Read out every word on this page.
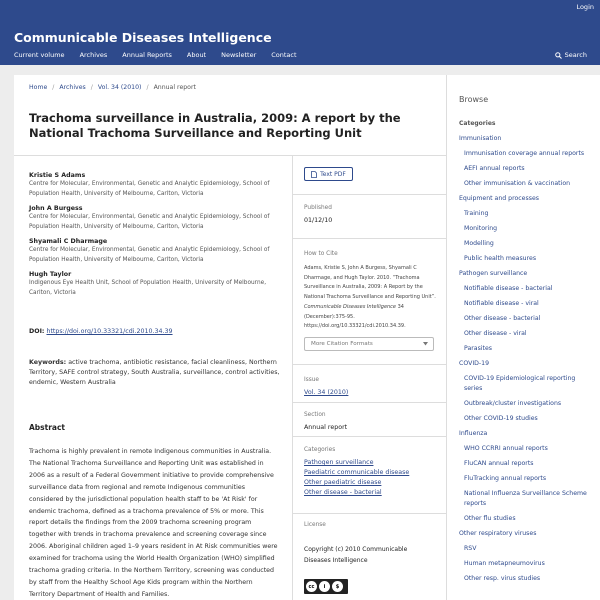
Login
Communicable Diseases Intelligence
Current volume Archives Annual Reports About Newsletter Contact	Search
Home / Archives / Vol. 34 (2010) / Annual report
Trachoma surveillance in Australia, 2009: A report by the National Trachoma Surveillance and Reporting Unit
Kristie S Adams
Centre for Molecular, Environmental, Genetic and Analytic Epidemiology, School of Population Health, University of Melbourne, Carlton, Victoria
John A Burgess
Centre for Molecular, Environmental, Genetic and Analytic Epidemiology, School of Population Health, University of Melbourne, Carlton, Victoria
Shyamali C Dharmage
Centre for Molecular, Environmental, Genetic and Analytic Epidemiology, School of Population Health, University of Melbourne, Carlton, Victoria
Hugh Taylor
Indigenous Eye Health Unit, School of Population Health, University of Melbourne, Carlton, Victoria
DOI: https://doi.org/10.33321/cdi.2010.34.39
Keywords: active trachoma, antibiotic resistance, facial cleanliness, Northern Territory, SAFE control strategy, South Australia, surveillance, control activities, endemic, Western Australia
Abstract
Trachoma is highly prevalent in remote Indigenous communities in Australia. The National Trachoma Surveillance and Reporting Unit was established in 2006 as a result of a Federal Government initiative to provide comprehensive surveillance data from regional and remote Indigenous communities considered by the jurisdictional population health staff to be 'At Risk' for endemic trachoma, defined as a trachoma prevalence of 5% or more. This report details the findings from the 2009 trachoma screening program together with trends in trachoma prevalence and screening coverage since 2006. Aboriginal children aged 1–9 years resident in At Risk communities were examined for trachoma using the World Health Organization (WHO) simplified trachoma grading criteria. In the Northern Territory, screening was conducted by staff from the Healthy School Age Kids program within the Northern Territory Department of Health and Families.
Text PDF
Published
01/12/10
How to Cite
Adams, Kristie S, John A Burgess, Shyamali C Dharmage, and Hugh Taylor. 2010. “Trachoma Surveillance in Australia, 2009: A Report by the National Trachoma Surveillance and Reporting Unit”. Communicable Diseases Intelligence 34 (December):375-95. https://doi.org/10.33321/cdi.2010.34.39.
More Citation Formats
Issue
Vol. 34 (2010)
Section
Annual report
Categories
Pathogen surveillance
Paediatric communicable disease
Other paediatric disease
Other disease - bacterial
License
Copyright (c) 2010 Communicable Diseases Intelligence
cc	i	$
Browse
Categories
Immunisation
Immunisation coverage annual reports
AEFI annual reports
Other immunisation & vaccination
Equipment and processes
Training
Monitoring
Modelling
Public health measures
Pathogen surveillance
Notifiable disease - bacterial
Notifiable disease - viral
Other disease - bacterial
Other disease - viral
Parasites
COVID-19
COVID-19 Epidemiological reporting series
Outbreak/cluster investigations
Other COVID-19 studies
Influenza
WHO CCRRI annual reports
FluCAN annual reports
FluTracking annual reports
National Influenza Surveillance Scheme reports
Other flu studies
Other respiratory viruses
RSV
Human metapneumovirus
Other resp. virus studies
